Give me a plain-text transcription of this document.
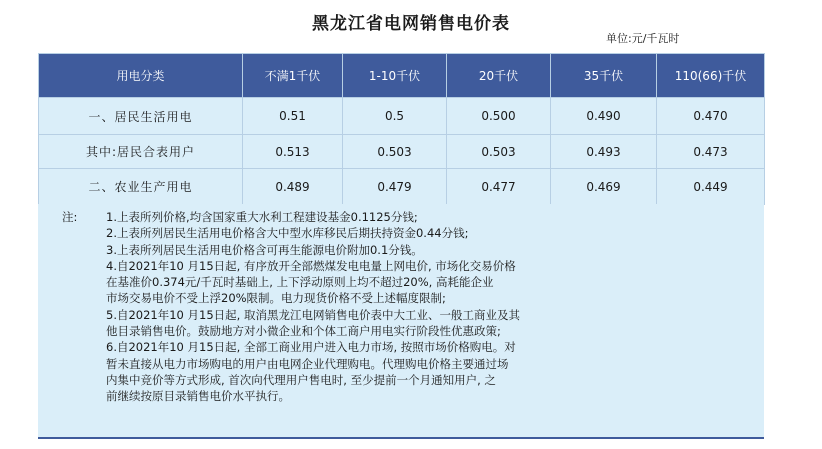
黑龙江省电网销售电价表
单位:元/千瓦时
用电分类	不满1千伏	1-10千伏	20千伏	35千伏	110(66)千伏
一、居民生活用电	0.51	0.5	0.500	0.490	0.470
其中:居民合表用户	0.513	0.503	0.503	0.493	0.473
二、农业生产用电	0.489	0.479	0.477	0.469	0.449
注: 1.上表所列价格,均含国家重大水利工程建设基金0.1125分钱;
2.上表所列居民生活用电价格含大中型水库移民后期扶持资金0.44分钱;
3.上表所列居民生活用电价格含可再生能源电价附加0.1分钱。
4.自2021年10 月15日起, 有序放开全部燃煤发电电量上网电价, 市场化交易价格
在基准价0.374元/千瓦时基础上, 上下浮动原则上均不超过20%, 高耗能企业
市场交易电价不受上浮20%限制。电力现货价格不受上述幅度限制;
5.自2021年10 月15日起, 取消黑龙江电网销售电价表中大工业、一般工商业及其
他目录销售电价。鼓励地方对小微企业和个体工商户用电实行阶段性优惠政策;
6.自2021年10 月15日起, 全部工商业用户进入电力市场, 按照市场价格购电。对
暂未直接从电力市场购电的用户由电网企业代理购电。代理购电价格主要通过场
内集中竞价等方式形成, 首次向代理用户售电时, 至少提前一个月通知用户, 之
前继续按原目录销售电价水平执行。
